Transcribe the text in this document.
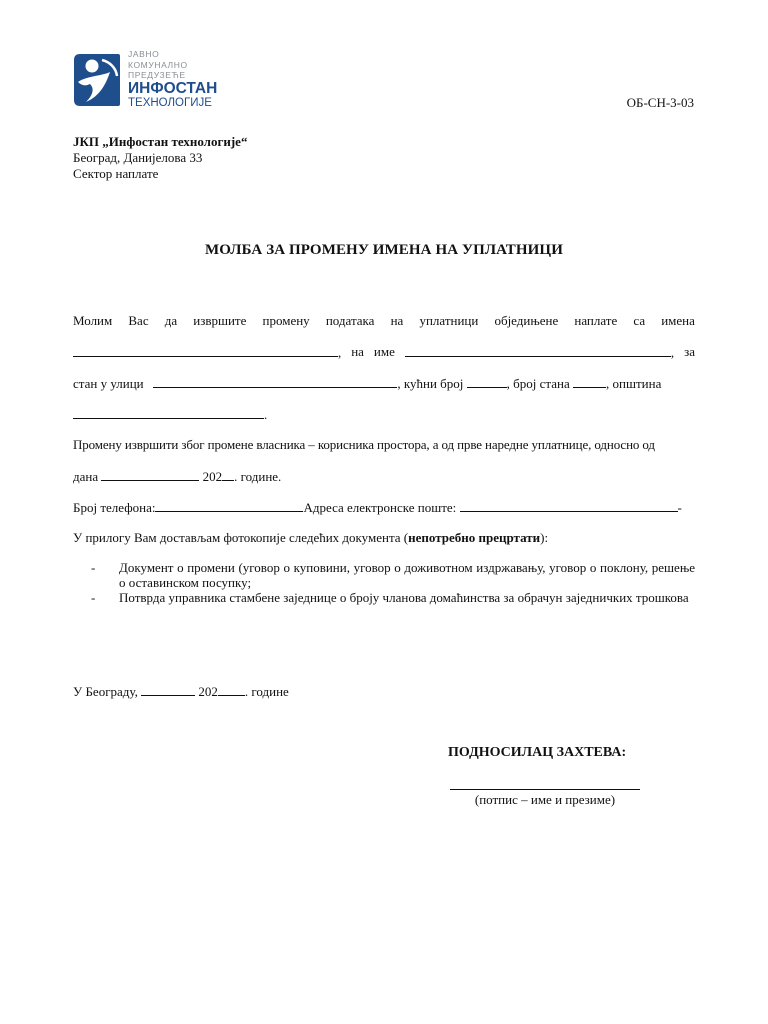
ЈАВНО
КОМУНАЛНО
ПРЕДУЗЕЋЕ
ИНФОСТАН
ТЕХНОЛОГИЈЕ	ОБ-СН-3-03
ЈКП „Инфостан технологије“
Београд, Данијелова 33
Сектор наплате
МОЛБА ЗА ПРОМЕНУ ИМЕНА НА УПЛАТНИЦИ
Молим Вас да извршите промену података на уплатници обједињене наплате са имена
, на име	, за
стан у улици	, кућни број	, број стана	, општина
.
Промену извршити због промене власника – корисника простора, а од прве наредне уплатнице, односно од
дана	202 . године.
Број телефона:	Адреса електронске поште:	-
У прилогу Вам достављам фотокопије следећих документа (непотребно прецртати):
- Документ о промени (уговор о куповини, уговор о доживотном издржавању, уговор о поклону, решење о оставинском посупку;
- Потврда управника стамбене заједнице о броју чланова домаћинства за обрачун заједничких трошкова
У Београду,	202 . године
ПОДНОСИЛАЦ ЗАХТЕВА:
(потпис – име и презиме)
